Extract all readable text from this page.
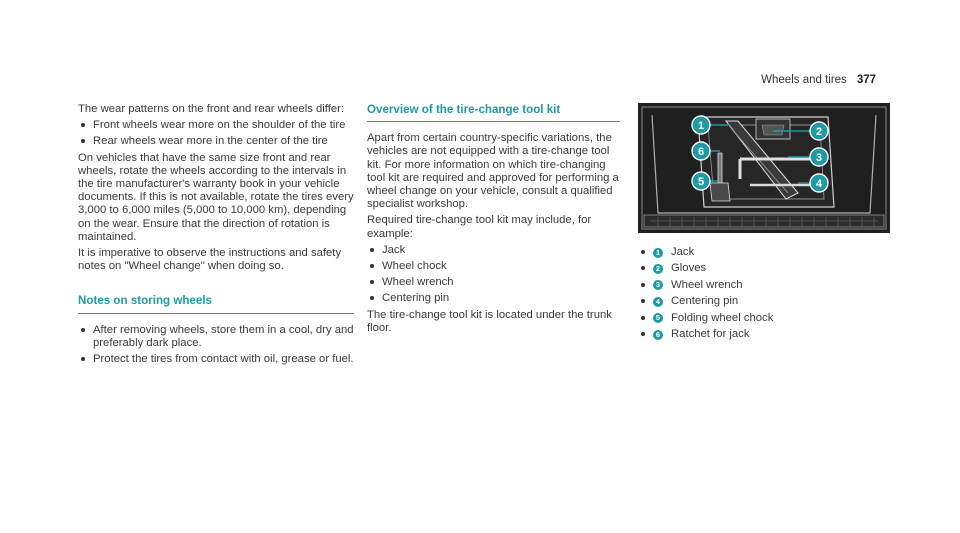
Wheels and tires 377

The wear patterns on the front and rear wheels differ:

Front wheels wear more on the shoulder of the tire
Rear wheels wear more in the center of the tire

On vehicles that have the same size front and rear wheels, rotate the wheels according to the intervals in the tire manufacturer's warranty book in your vehicle documents. If this is not available, rotate the tires every 3,000 to 6,000 miles (5,000 to 10,000 km), depending on the wear. Ensure that the direction of rotation is maintained.

It is imperative to observe the instructions and safety notes on "Wheel change" when doing so.

Notes on storing wheels
After removing wheels, store them in a cool, dry and preferably dark place.
Protect the tires from contact with oil, grease or fuel.
Overview of the tire-change tool kit

Apart from certain country-specific variations, the vehicles are not equipped with a tire-change tool kit. For more information on which tire-changing tool kit are required and approved for performing a wheel change on your vehicle, consult a qualified specialist workshop.

Required tire-change tool kit may include, for example:

Jack
Wheel chock
Wheel wrench
Centering pin

The tire-change tool kit is located under the trunk floor.

1	2
3
4
5
6
1 Jack
2 Gloves
3 Wheel wrench
4 Centering pin
5 Folding wheel chock
6 Ratchet for jack
